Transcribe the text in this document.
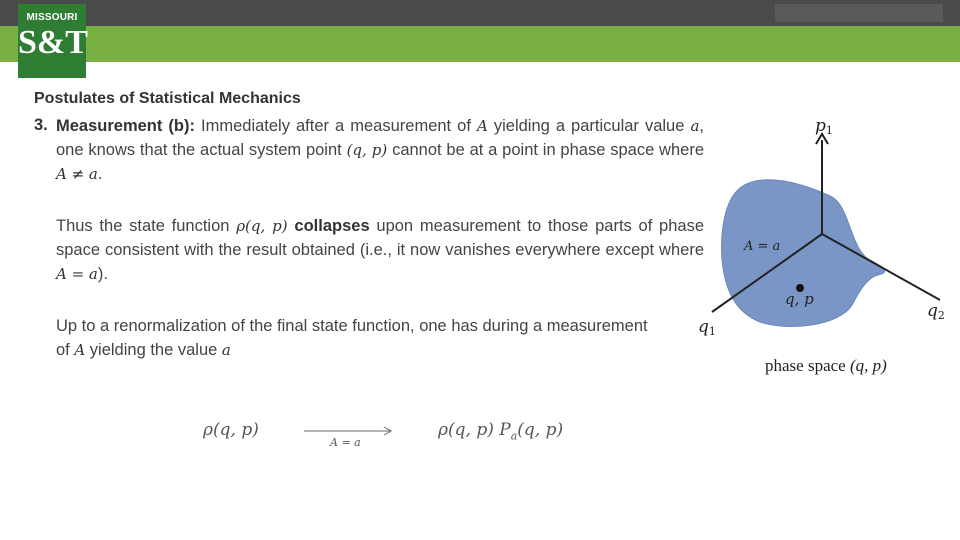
MISSOURI
S&T
Postulates of Statistical Mechanics
3. Measurement (b): Immediately after a measurement of A yielding a particular value a, one knows that the actual system point (q, p) cannot be at a point in phase space where A ≠ a.
Thus the state function ρ(q, p) collapses upon measurement to those parts of phase space consistent with the result obtained (i.e., it now vanishes everywhere except where A = a).
Up to a renormalization of the final state function, one has during a measurement of A yielding the value a
ρ(q, p)
A = a
ρ(q, p) $P_a(q$, p)
p1
q2
q1
A = a
q, p
phase space (q, p)
